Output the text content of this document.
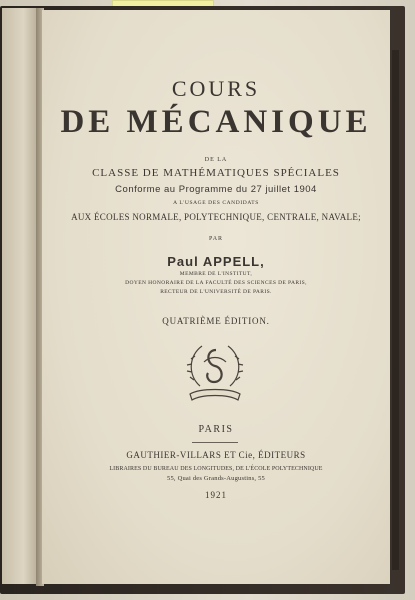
COURS

DE MÉCANIQUE

DE LA

CLASSE DE MATHÉMATIQUES SPÉCIALES

Conforme au Programme du 27 juillet 1904

A L'USAGE DES CANDIDATS

AUX ÉCOLES NORMALE, POLYTECHNIQUE, CENTRALE, NAVALE;

PAR

Paul APPELL,

MEMBRE DE L'INSTITUT,

DOYEN HONORAIRE DE LA FACULTÉ DES SCIENCES DE PARIS,

RECTEUR DE L'UNIVERSITÉ DE PARIS.

QUATRIÈME ÉDITION.

PARIS

GAUTHIER-VILLARS ET Cie, ÉDITEURS

LIBRAIRES DU BUREAU DES LONGITUDES, DE L'ÉCOLE POLYTECHNIQUE

55, Quai des Grands-Augustins, 55

1921
